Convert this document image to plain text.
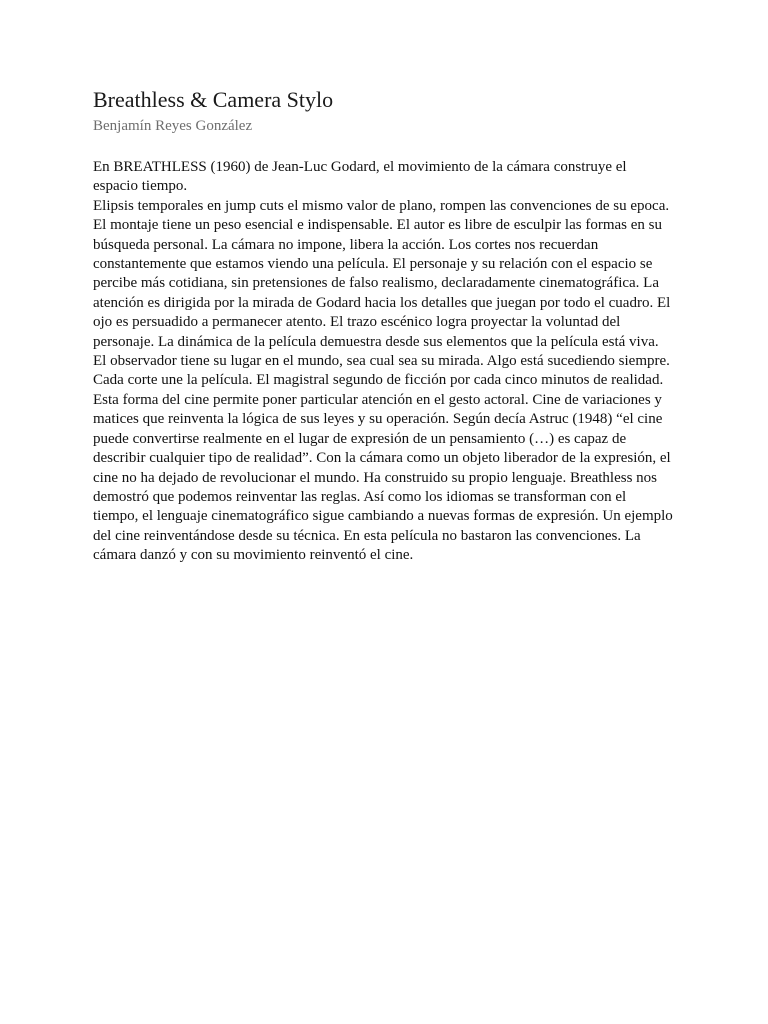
Breathless & Camera Stylo
Benjamín Reyes González

En BREATHLESS (1960) de Jean-Luc Godard, el movimiento de la cámara construye el espacio tiempo.

Elipsis temporales en jump cuts el mismo valor de plano, rompen las convenciones de su epoca. El montaje tiene un peso esencial e indispensable. El autor es libre de esculpir las formas en su búsqueda personal. La cámara no impone, libera la acción. Los cortes nos recuerdan constantemente que estamos viendo una película. El personaje y su relación con el espacio se percibe más cotidiana, sin pretensiones de falso realismo, declaradamente cinematográfica. La atención es dirigida por la mirada de Godard hacia los detalles que juegan por todo el cuadro. El ojo es persuadido a permanecer atento. El trazo escénico logra proyectar la voluntad del personaje. La dinámica de la película demuestra desde sus elementos que la película está viva. El observador tiene su lugar en el mundo, sea cual sea su mirada. Algo está sucediendo siempre. Cada corte une la película. El magistral segundo de ficción por cada cinco minutos de realidad. Esta forma del cine permite poner particular atención en el gesto actoral. Cine de variaciones y matices que reinventa la lógica de sus leyes y su operación. Según decía Astruc (1948) “el cine puede convertirse realmente en el lugar de expresión de un pensamiento (…) es capaz de describir cualquier tipo de realidad”. Con la cámara como un objeto liberador de la expresión, el cine no ha dejado de revolucionar el mundo. Ha construido su propio lenguaje. Breathless nos demostró que podemos reinventar las reglas. Así como los idiomas se transforman con el tiempo, el lenguaje cinematográfico sigue cambiando a nuevas formas de expresión. Un ejemplo del cine reinventándose desde su técnica. En esta película no bastaron las convenciones. La cámara danzó y con su movimiento reinventó el cine.
